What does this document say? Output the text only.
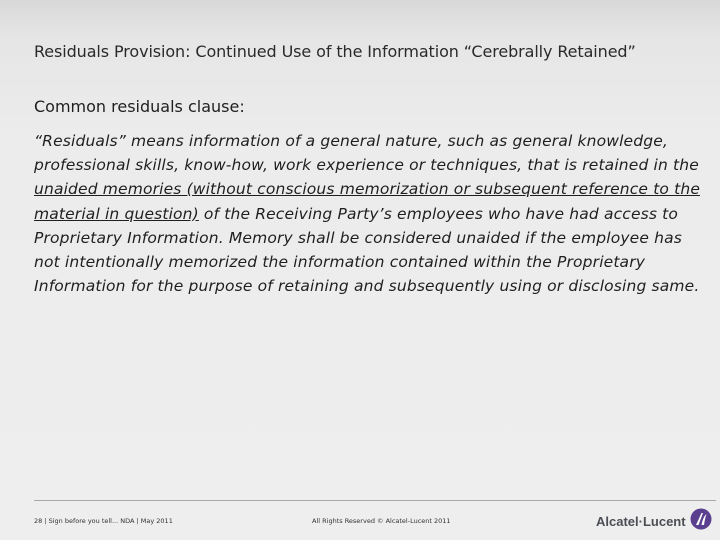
Residuals Provision: Continued Use of the Information “Cerebrally Retained”
Common residuals clause:
“Residuals” means information of a general nature, such as general knowledge, professional skills, know-how, work experience or techniques, that is retained in the unaided memories (without conscious memorization or subsequent reference to the material in question) of the Receiving Party’s employees who have had access to Proprietary Information. Memory shall be considered unaided if the employee has not intentionally memorized the information contained within the Proprietary Information for the purpose of retaining and subsequently using or disclosing same.
28 | Sign before you tell... NDA | May 2011	All Rights Reserved © Alcatel-Lucent 2011	Alcatel·Lucent
